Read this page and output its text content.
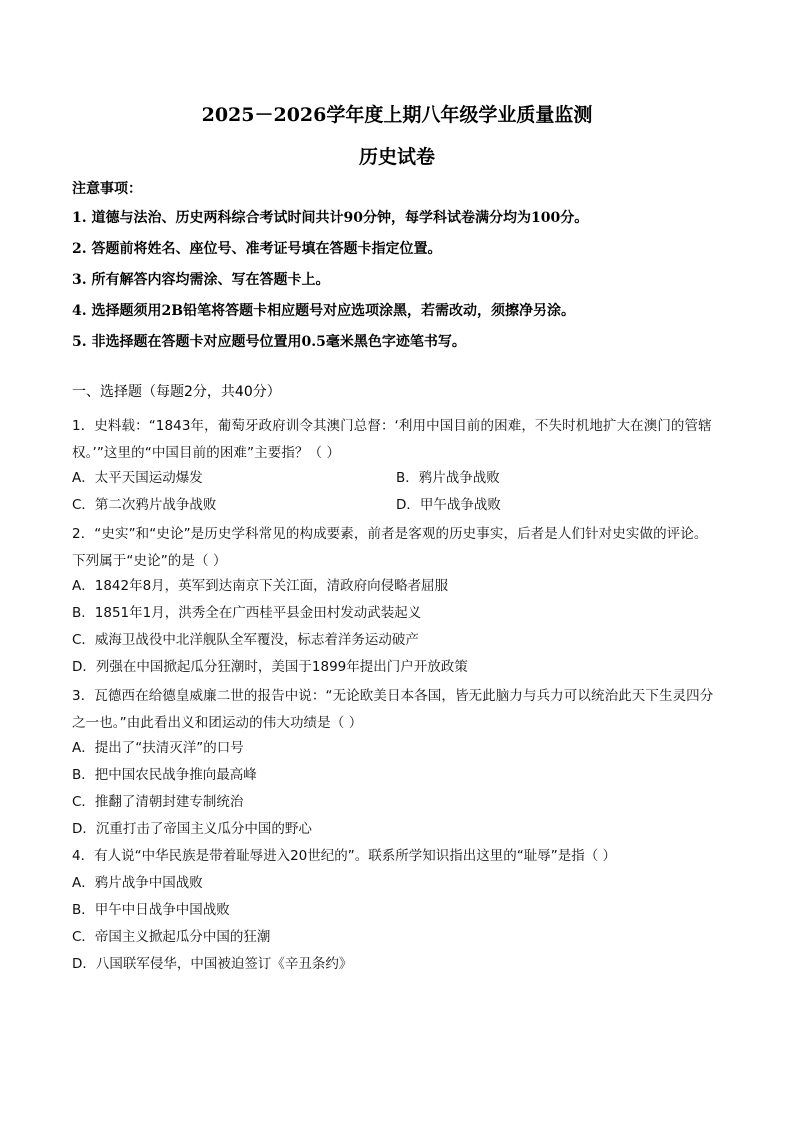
2025－2026学年度上期八年级学业质量监测
历史试卷
注意事项：
1. 道德与法治、历史两科综合考试时间共计90分钟，每学科试卷满分均为100分。
2. 答题前将姓名、座位号、准考证号填在答题卡指定位置。
3. 所有解答内容均需涂、写在答题卡上。
4. 选择题须用2B铅笔将答题卡相应题号对应选项涂黑，若需改动，须擦净另涂。
5. 非选择题在答题卡对应题号位置用0.5毫米黑色字迹笔书写。
一、选择题（每题2分，共40分）
1．史料载：“1843年，葡萄牙政府训令其澳门总督：‘利用中国目前的困难，不失时机地扩大在澳门的管辖权。’”这里的“中国目前的困难”主要指？（ ）
A．太平天国运动爆发	B．鸦片战争战败
C．第二次鸦片战争战败	D．甲午战争战败
2．“史实”和“史论”是历史学科常见的构成要素，前者是客观的历史事实，后者是人们针对史实做的评论。下列属于“史论”的是（ ）
A．1842年8月，英军到达南京下关江面，清政府向侵略者屈服
B．1851年1月，洪秀全在广西桂平县金田村发动武装起义
C．威海卫战役中北洋舰队全军覆没，标志着洋务运动破产
D．列强在中国掀起瓜分狂潮时，美国于1899年提出门户开放政策
3．瓦德西在给德皇威廉二世的报告中说：“无论欧美日本各国，皆无此脑力与兵力可以统治此天下生灵四分之一也。”由此看出义和团运动的伟大功绩是（ ）
A．提出了“扶清灭洋”的口号
B．把中国农民战争推向最高峰
C．推翻了清朝封建专制统治
D．沉重打击了帝国主义瓜分中国的野心
4．有人说“中华民族是带着耻辱进入20世纪的”。联系所学知识指出这里的“耻辱”是指（ ）
A．鸦片战争中国战败
B．甲午中日战争中国战败
C．帝国主义掀起瓜分中国的狂潮
D．八国联军侵华，中国被迫签订《辛丑条约》
